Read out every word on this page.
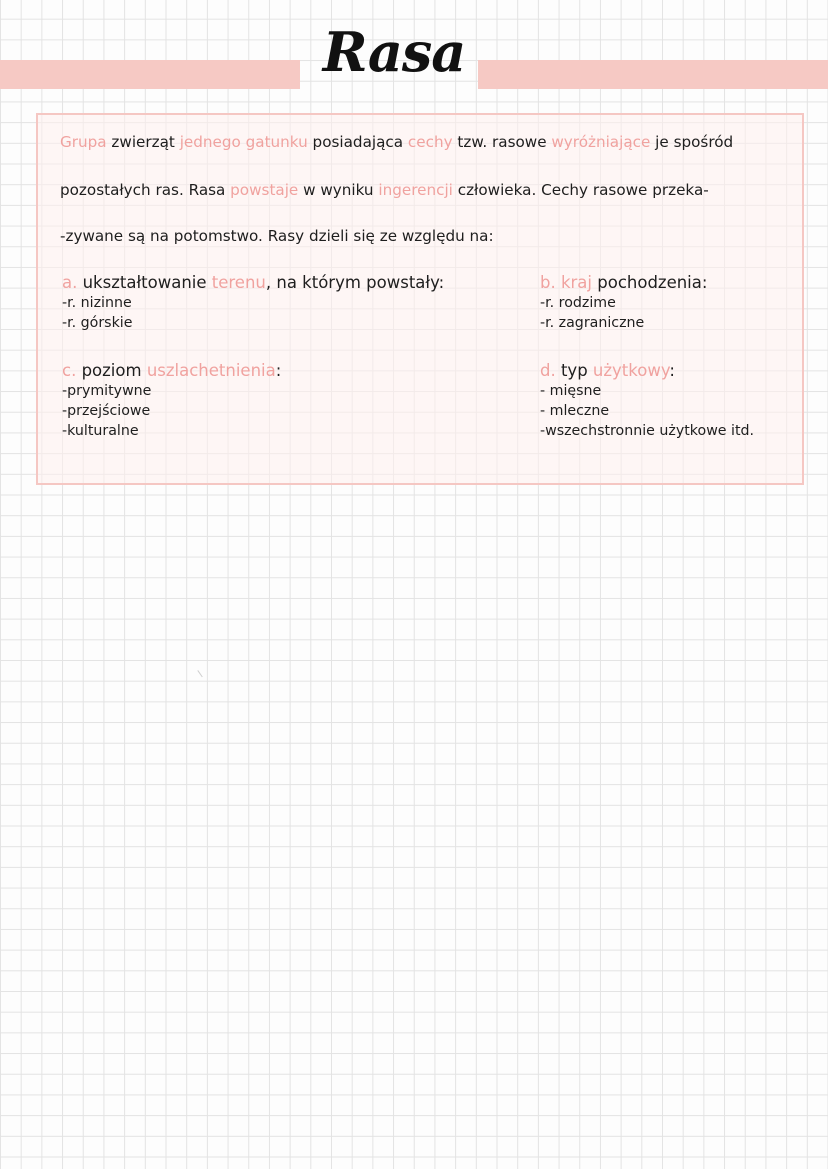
Rasa
Grupa zwierząt jednego gatunku posiadająca cechy tzw. rasowe wyróżniające je spośród
pozostałych ras. Rasa powstaje w wyniku ingerencji człowieka. Cechy rasowe przeka-
-zywane są na potomstwo. Rasy dzieli się ze względu na:
a. ukształtowanie terenu, na którym powstały:
-r. nizinne
-r. górskie
b. kraj pochodzenia:
-r. rodzime
-r. zagraniczne
c. poziom uszlachetnienia:
-prymitywne
-przejściowe
-kulturalne
d. typ użytkowy:
- mięsne
- mleczne
-wszechstronnie użytkowe itd.
